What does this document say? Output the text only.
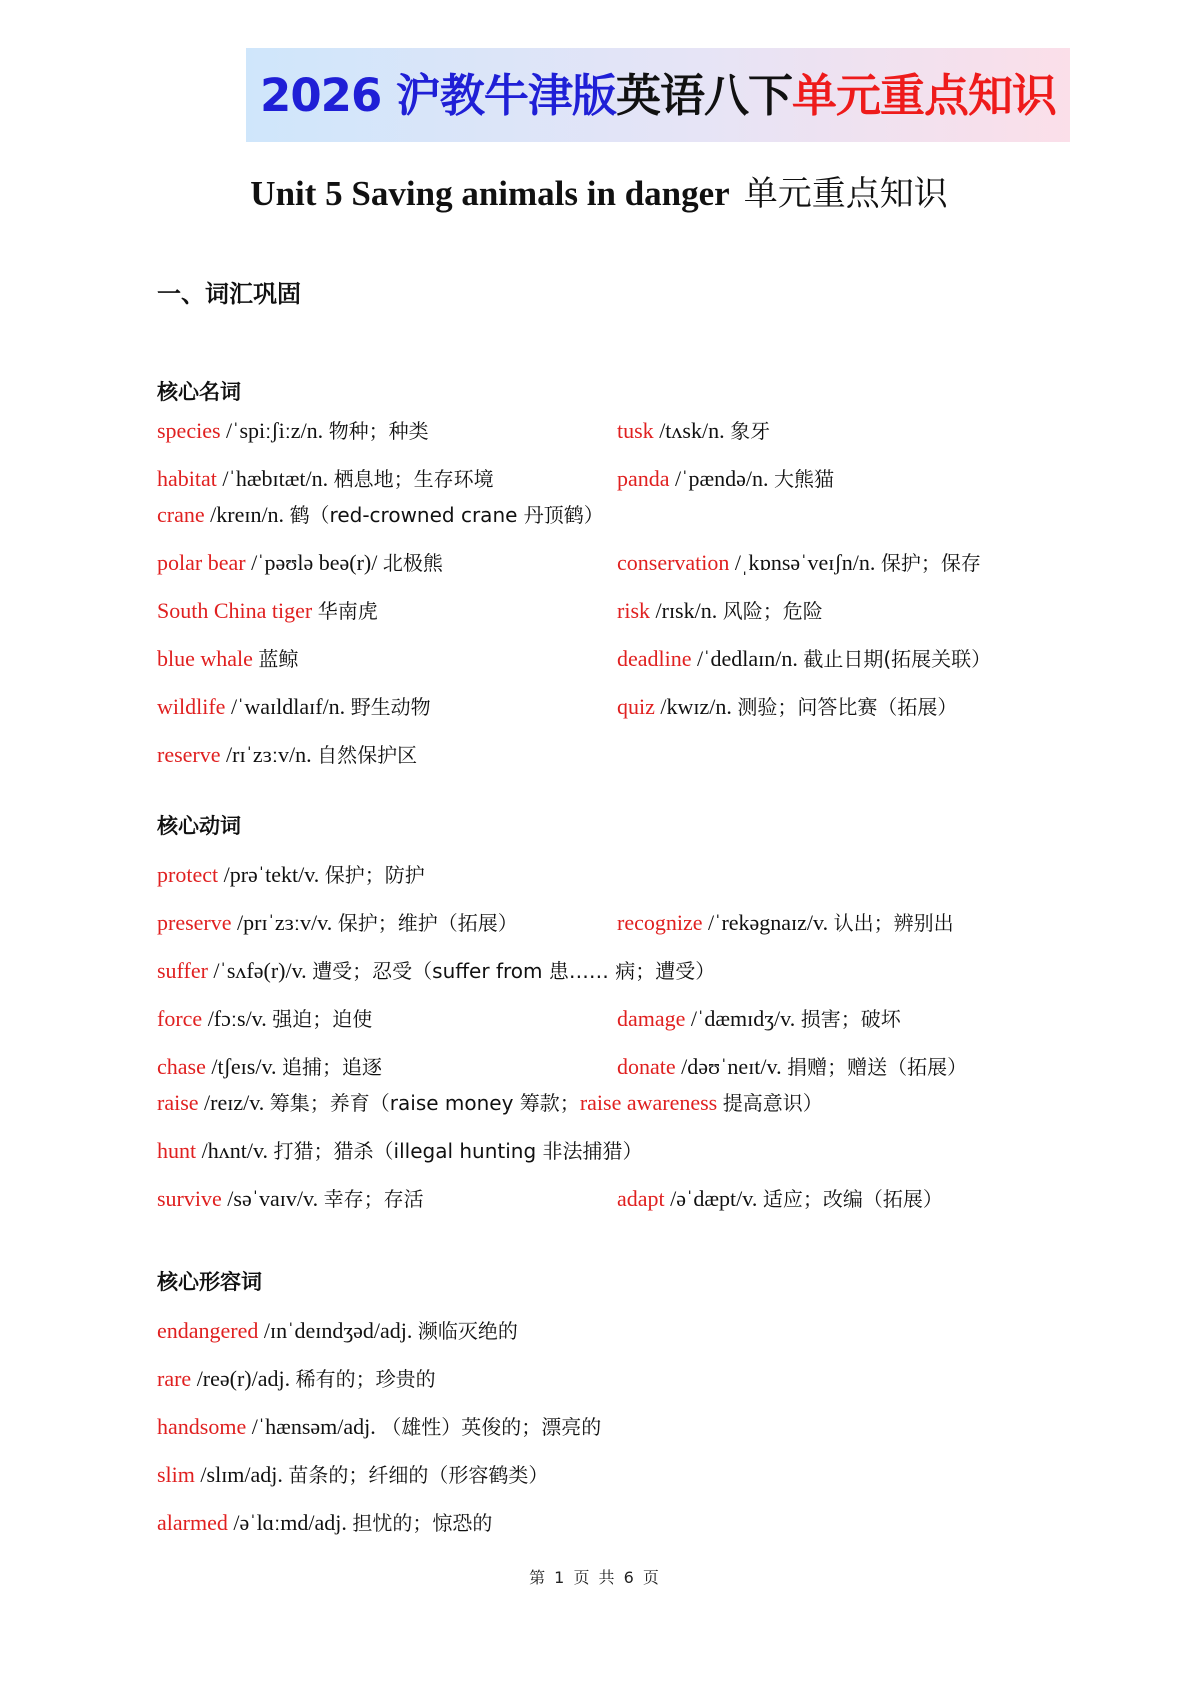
2026 沪教牛津版 英语八下 单元重点知识
Unit 5 Saving animals in danger 单元重点知识
一、词汇巩固
核心名词
species /ˈspiːʃiːz/n. 物种；种类	tusk /tʌsk/n. 象牙
habitat /ˈhæbɪtæt/n. 栖息地；生存环境	panda /ˈpændə/n. 大熊猫
crane /kreɪn/n. 鹤（red-crowned crane 丹顶鹤）
polar bear /ˈpəʊlə beə(r)/ 北极熊	conservation /ˌkɒnsəˈveɪʃn/n. 保护；保存
South China tiger 华南虎	risk /rɪsk/n. 风险；危险
blue whale 蓝鲸	deadline /ˈdedlaɪn/n. 截止日期(拓展关联）
wildlife /ˈwaɪldlaɪf/n. 野生动物	quiz /kwɪz/n. 测验；问答比赛（拓展）
reserve /rɪˈzɜːv/n. 自然保护区
核心动词
protect /prəˈtekt/v. 保护；防护
preserve /prɪˈzɜːv/v. 保护；维护（拓展）	recognize /ˈrekəgnaɪz/v. 认出；辨别出
suffer /ˈsʌfə(r)/v. 遭受；忍受（suffer from 患…… 病；遭受）
force /fɔːs/v. 强迫；迫使	damage /ˈdæmɪdʒ/v. 损害；破坏
chase /tʃeɪs/v. 追捕；追逐	donate /dəʊˈneɪt/v. 捐赠；赠送（拓展）
raise /reɪz/v. 筹集；养育（raise money 筹款；raise awareness 提高意识）
hunt /hʌnt/v. 打猎；猎杀（illegal hunting 非法捕猎）
survive /səˈvaɪv/v. 幸存；存活	adapt /əˈdæpt/v. 适应；改编（拓展）
核心形容词
endangered /ɪnˈdeɪndʒəd/adj. 濒临灭绝的
rare /reə(r)/adj. 稀有的；珍贵的
handsome /ˈhænsəm/adj. （雄性）英俊的；漂亮的
slim /slɪm/adj. 苗条的；纤细的（形容鹤类）
alarmed /əˈlɑːmd/adj. 担忧的；惊恐的
第 1 页 共 6 页
